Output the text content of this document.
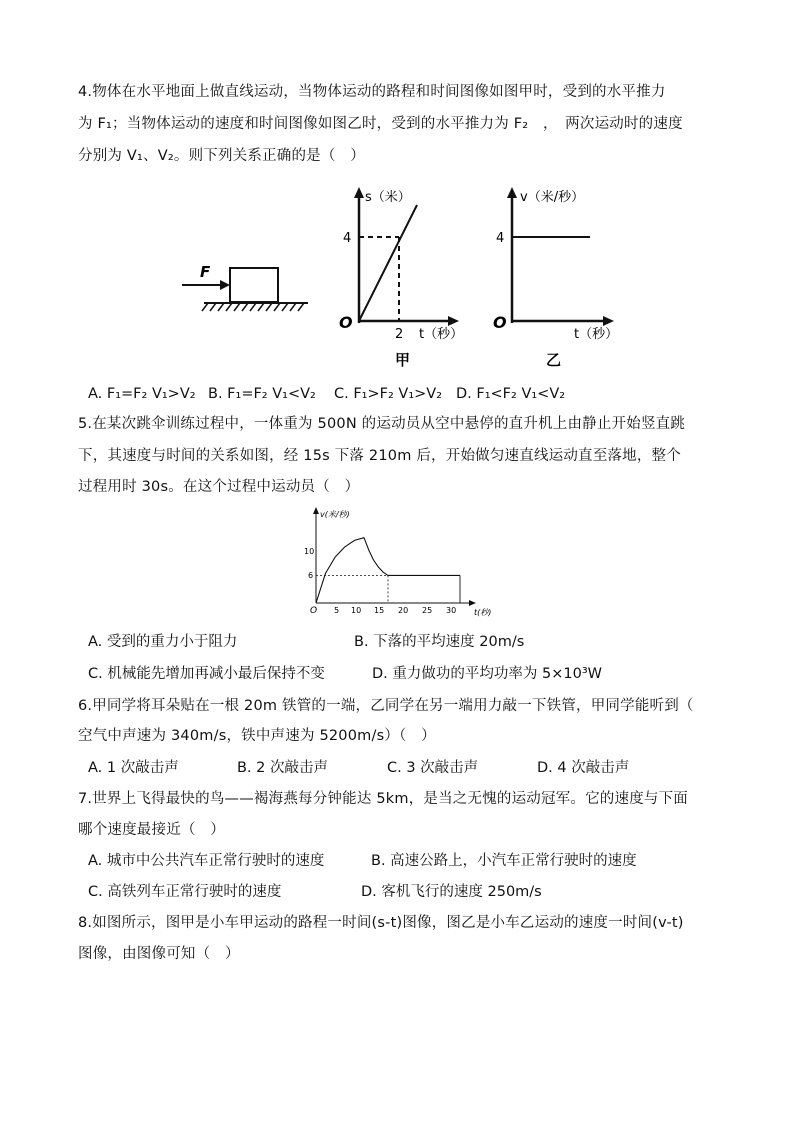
4.物体在水平地面上做直线运动，当物体运动的路程和时间图像如图甲时，受到的水平推力
为 F₁；当物体运动的速度和时间图像如图乙时，受到的水平推力为 F₂　，　两次运动时的速度
分别为 V₁、V₂。则下列关系正确的是（　）
F
s（米）
4
O
2 t（秒）
甲
v（米/秒）
4
O
t（秒）
乙
A. F₁=F₂ V₁>V₂ B. F₁=F₂ V₁<V₂ C. F₁>F₂ V₁>V₂ D. F₁<F₂ V₁<V₂
5.在某次跳伞训练过程中，一体重为 500N 的运动员从空中悬停的直升机上由静止开始竖直跳
下，其速度与时间的关系如图，经 15s 下落 210m 后，开始做匀速直线运动直至落地，整个
过程用时 30s。在这个过程中运动员（　）
v(米/秒)
t(秒)
O
10
6
5 10 15 20 25 30
A. 受到的重力小于阻力	B. 下落的平均速度 20m/s
C. 机械能先增加再减小最后保持不变	D. 重力做功的平均功率为 5×10³W
6.甲同学将耳朵贴在一根 20m 铁管的一端，乙同学在另一端用力敲一下铁管，甲同学能听到（
空气中声速为 340m/s，铁中声速为 5200m/s）（　）
A. 1 次敲击声	B. 2 次敲击声	C. 3 次敲击声	D. 4 次敲击声
7.世界上飞得最快的鸟——褐海燕每分钟能达 5km，是当之无愧的运动冠军。它的速度与下面
哪个速度最接近（　）
A. 城市中公共汽车正常行驶时的速度	B. 高速公路上，小汽车正常行驶时的速度
C. 高铁列车正常行驶时的速度	D. 客机飞行的速度 250m/s
8.如图所示，图甲是小车甲运动的路程一时间(s-t)图像，图乙是小车乙运动的速度一时间(v-t)
图像，由图像可知（　）
